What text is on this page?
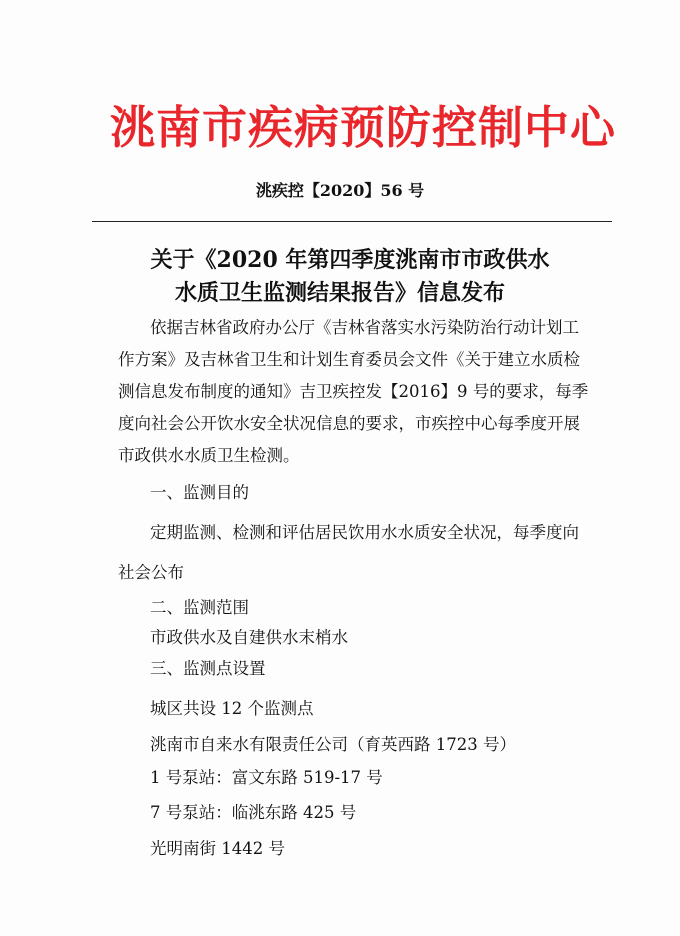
洮南市疾病预防控制中心
洮疾控【2020】56 号
关于《2020 年第四季度洮南市市政供水
水质卫生监测结果报告》信息发布
依据吉林省政府办公厅《吉林省落实水污染防治行动计划工
作方案》及吉林省卫生和计划生育委员会文件《关于建立水质检
测信息发布制度的通知》吉卫疾控发【2016】9 号的要求，每季
度向社会公开饮水安全状况信息的要求，市疾控中心每季度开展
市政供水水质卫生检测。
一、监测目的
定期监测、检测和评估居民饮用水水质安全状况，每季度向
社会公布
二、监测范围
市政供水及自建供水末梢水
三、监测点设置
城区共设 12 个监测点
洮南市自来水有限责任公司（育英西路 1723 号）
1 号泵站：富文东路 519-17 号
7 号泵站：临洮东路 425 号
光明南街 1442 号
